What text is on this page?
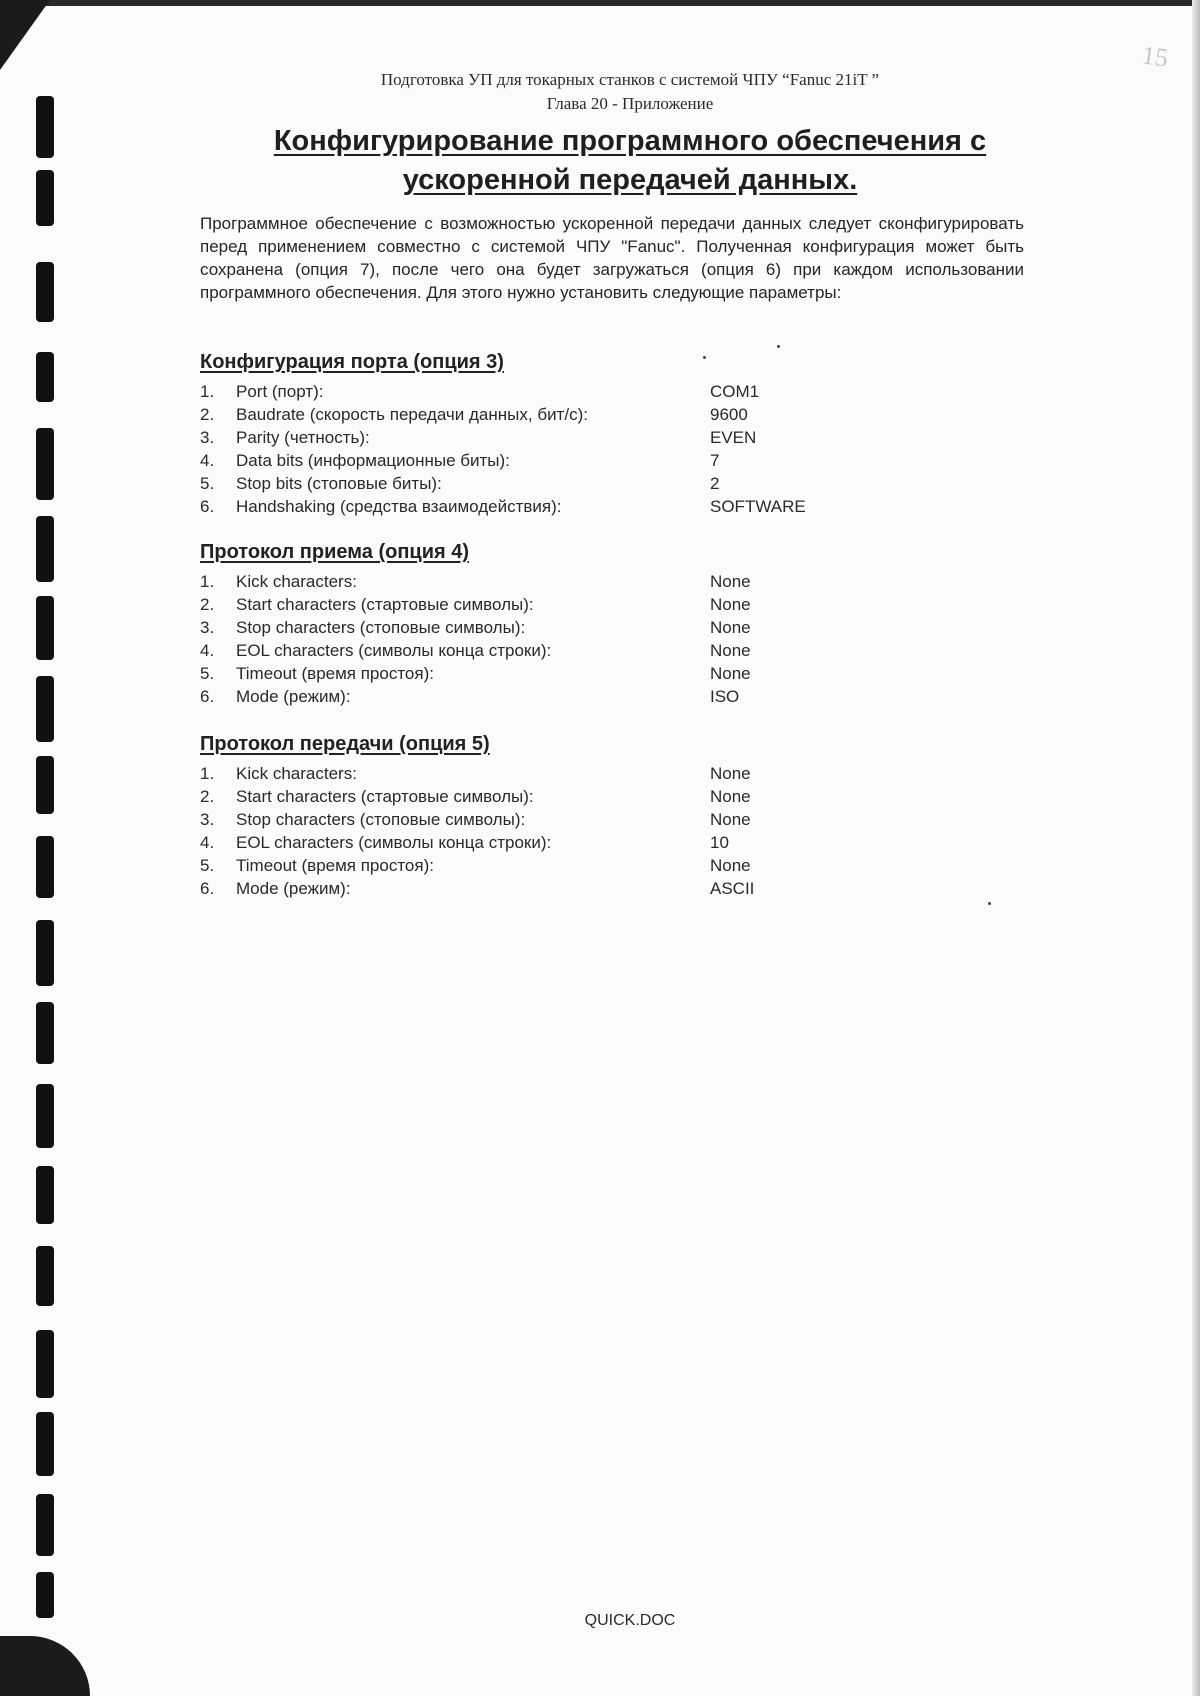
15
Подготовка УП для токарных станков с системой ЧПУ “Fanuc 21iT ”
Глава 20 - Приложение
Конфигурирование программного обеспечения с ускоренной передачей данных.
Программное обеспечение с возможностью ускоренной передачи данных следует сконфигурировать перед применением совместно с системой ЧПУ "Fanuc". Полученная конфигурация может быть сохранена (опция 7), после чего она будет загружаться (опция 6) при каждом использовании программного обеспечения. Для этого нужно установить следующие параметры:
Конфигурация порта (опция 3)
1.	Port (порт):	COM1
2.	Baudrate (скорость передачи данных, бит/с):	9600
3.	Parity (четность):	EVEN
4.	Data bits (информационные биты):	7
5.	Stop bits (стоповые биты):	2
6.	Handshaking (средства взаимодействия):	SOFTWARE
Протокол приема (опция 4)
1.	Kick characters:	None
2.	Start characters (стартовые символы):	None
3.	Stop characters (стоповые символы):	None
4.	EOL characters (символы конца строки):	None
5.	Timeout (время простоя):	None
6.	Mode (режим):	ISO
Протокол передачи (опция 5)
1.	Kick characters:	None
2.	Start characters (стартовые символы):	None
3.	Stop characters (стоповые символы):	None
4.	EOL characters (символы конца строки):	10
5.	Timeout (время простоя):	None
6.	Mode (режим):	ASCII
QUICK.DOC
